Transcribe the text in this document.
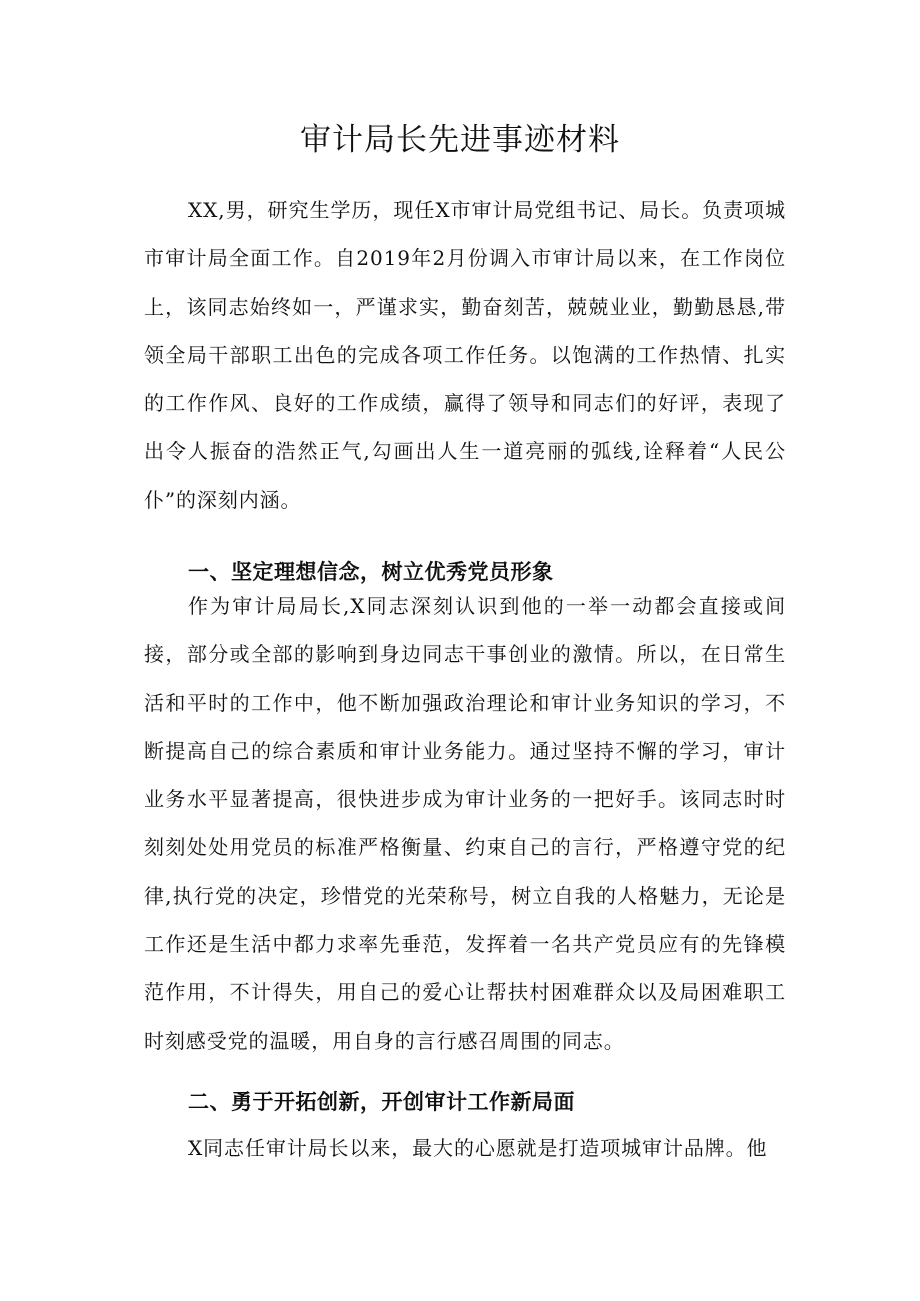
审计局长先进事迹材料

XX,男，研究生学历，现任X市审计局党组书记、局长。负责项城市审计局全面工作。自2019年2月份调入市审计局以来，在工作岗位上，该同志始终如一，严谨求实，勤奋刻苦，兢兢业业，勤勤恳恳,带领全局干部职工出色的完成各项工作任务。以饱满的工作热情、扎实的工作作风、良好的工作成绩，赢得了领导和同志们的好评，表现了出令人振奋的浩然正气,勾画出人生一道亮丽的弧线,诠释着“人民公仆”的深刻内涵。

一、坚定理想信念，树立优秀党员形象

作为审计局局长,X同志深刻认识到他的一举一动都会直接或间接，部分或全部的影响到身边同志干事创业的激情。所以，在日常生活和平时的工作中，他不断加强政治理论和审计业务知识的学习，不断提高自己的综合素质和审计业务能力。通过坚持不懈的学习，审计业务水平显著提高，很快进步成为审计业务的一把好手。该同志时时刻刻处处用党员的标准严格衡量、约束自己的言行，严格遵守党的纪律,执行党的决定，珍惜党的光荣称号，树立自我的人格魅力，无论是工作还是生活中都力求率先垂范，发挥着一名共产党员应有的先锋模范作用，不计得失，用自己的爱心让帮扶村困难群众以及局困难职工时刻感受党的温暖，用自身的言行感召周围的同志。

二、勇于开拓创新，开创审计工作新局面

X同志任审计局长以来，最大的心愿就是打造项城审计品牌。他
